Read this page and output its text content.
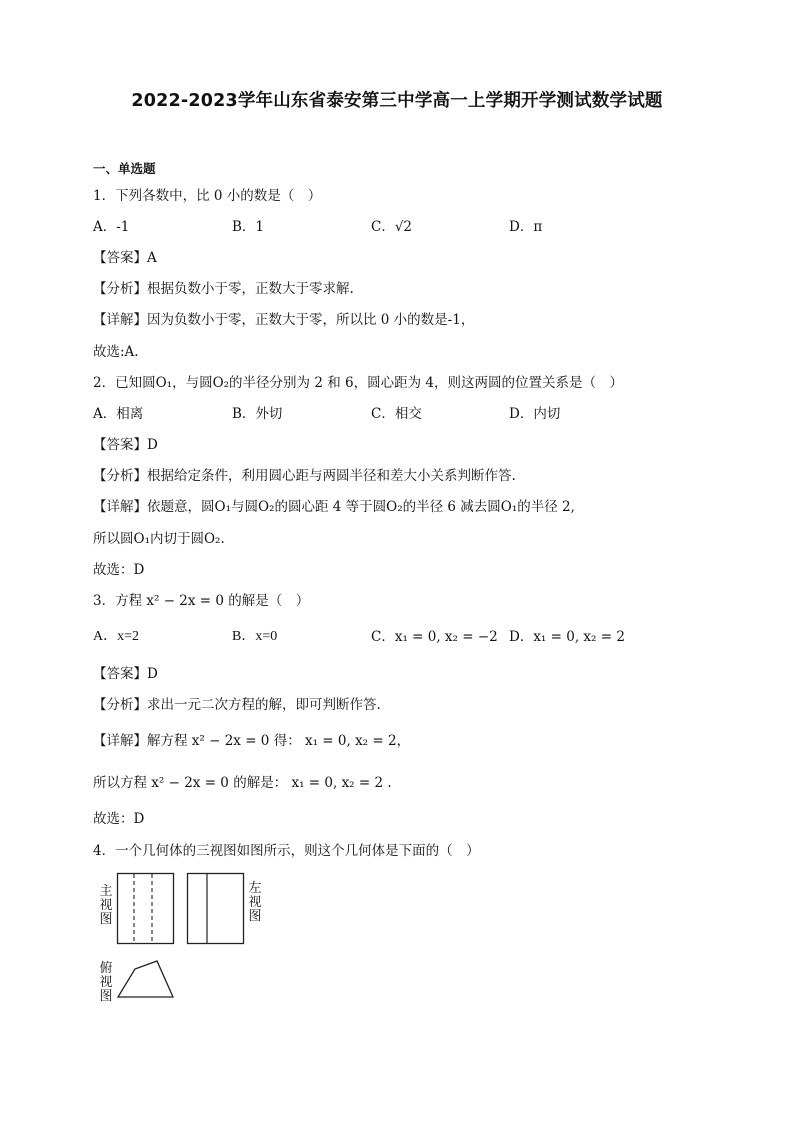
2022-2023学年山东省泰安第三中学高一上学期开学测试数学试题
一、单选题
1．下列各数中，比 0 小的数是（　）
A．-1	B．1	C．√2	D．π
【答案】A
【分析】根据负数小于零，正数大于零求解.
【详解】因为负数小于零，正数大于零，所以比 0 小的数是-1，
故选:A.
2．已知圆O₁，与圆O₂的半径分别为 2 和 6，圆心距为 4，则这两圆的位置关系是（　）
A．相离	B．外切	C．相交	D．内切
【答案】D
【分析】根据给定条件，利用圆心距与两圆半径和差大小关系判断作答.
【详解】依题意，圆O₁与圆O₂的圆心距 4 等于圆O₂的半径 6 减去圆O₁的半径 2,
所以圆O₁内切于圆O₂.
故选：D
3．方程 x² − 2x = 0 的解是（　）
A．x=2	B．x=0	C．x₁ = 0, x₂ = −2 D．x₁ = 0, x₂ = 2
【答案】D
【分析】求出一元二次方程的解，即可判断作答.
【详解】解方程 x² − 2x = 0 得： x₁ = 0, x₂ = 2，
所以方程 x² − 2x = 0 的解是： x₁ = 0, x₂ = 2 .
故选：D
4．一个几何体的三视图如图所示，则这个几何体是下面的（　）
主视图
左视图
俯视图
